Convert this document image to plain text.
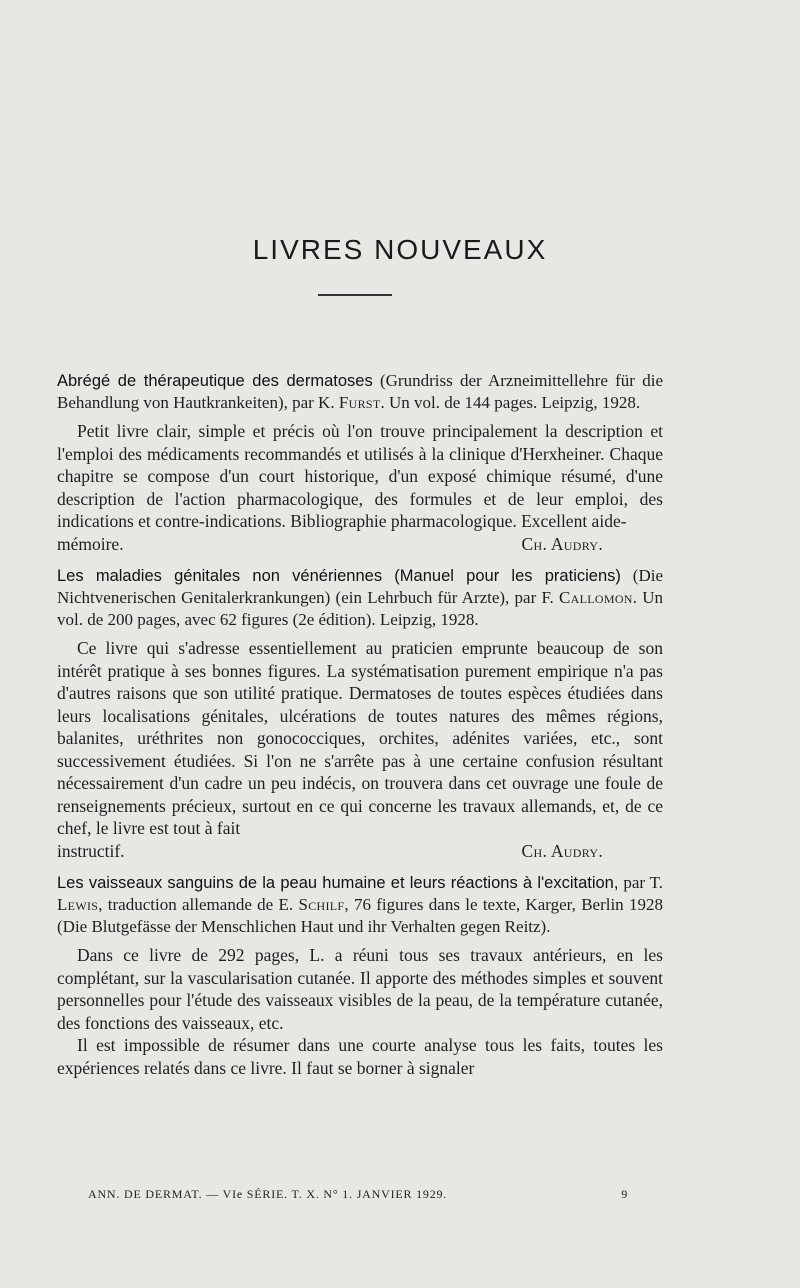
LIVRES NOUVEAUX
Abrégé de thérapeutique des dermatoses (Grundriss der Arzneimittellehre für die Behandlung von Hautkrankeiten), par K. Furst. Un vol. de 144 pages. Leipzig, 1928.

Petit livre clair, simple et précis où l'on trouve principalement la description et l'emploi des médicaments recommandés et utilisés à la clinique d'Herxheiner. Chaque chapitre se compose d'un court historique, d'un exposé chimique résumé, d'une description de l'action pharmacologique, des formules et de leur emploi, des indications et contre-indications. Bibliographie pharmacologique. Excellent aide-

mémoire.	Ch. Audry.
Les maladies génitales non vénériennes (Manuel pour les praticiens) (Die Nichtvenerischen Genitalerkrankungen) (ein Lehrbuch für Arzte), par F. Callomon. Un vol. de 200 pages, avec 62 figures (2e édition). Leipzig, 1928.

Ce livre qui s'adresse essentiellement au praticien emprunte beaucoup de son intérêt pratique à ses bonnes figures. La systématisation purement empirique n'a pas d'autres raisons que son utilité pratique. Dermatoses de toutes espèces étudiées dans leurs localisations génitales, ulcérations de toutes natures des mêmes régions, balanites, uréthrites non gonococciques, orchites, adénites variées, etc., sont successivement étudiées. Si l'on ne s'arrête pas à une certaine confusion résultant nécessairement d'un cadre un peu indécis, on trouvera dans cet ouvrage une foule de renseignements précieux, surtout en ce qui concerne les travaux allemands, et, de ce chef, le livre est tout à fait

instructif.	Ch. Audry.
Les vaisseaux sanguins de la peau humaine et leurs réactions à l'excitation, par T. Lewis, traduction allemande de E. Schilf, 76 figures dans le texte, Karger, Berlin 1928 (Die Blutgefässe der Menschlichen Haut und ihr Verhalten gegen Reitz).

Dans ce livre de 292 pages, L. a réuni tous ses travaux antérieurs, en les complétant, sur la vascularisation cutanée. Il apporte des méthodes simples et souvent personnelles pour l'étude des vaisseaux visibles de la peau, de la température cutanée, des fonctions des vaisseaux, etc.

Il est impossible de résumer dans une courte analyse tous les faits, toutes les expériences relatés dans ce livre. Il faut se borner à signaler

ANN. DE DERMAT. — VIe SÉRIE. T. X. N° 1. JANVIER 1929.	9
